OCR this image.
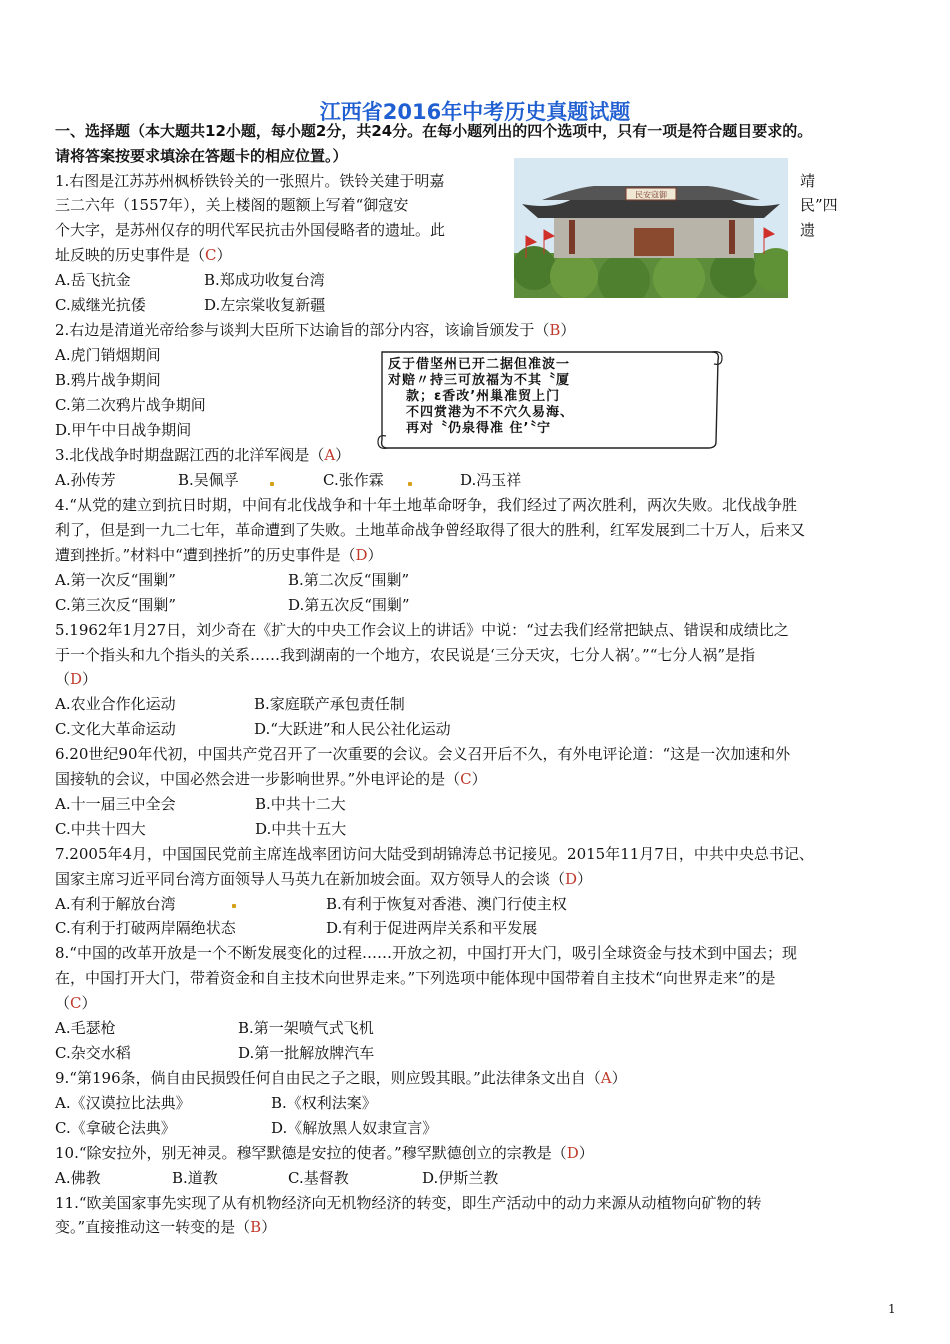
江西省2016年中考历史真题试题
一、选择题（本大题共12小题，每小题2分，共24分。在每小题列出的四个选项中，只有一项是符合题目要求的。
请将答案按要求填涂在答题卡的相应位置。）
民安寇御
1.右图是江苏苏州枫桥铁铃关的一张照片。铁铃关建于明嘉
三二六年（1557年），关上楼阁的题额上写着“御寇安
个大字，是苏州仅存的明代军民抗击外国侵略者的遗址。此
址反映的历史事件是（C）
靖
民”四
遗
A.岳飞抗金	B.郑成功收复台湾
C.威继光抗倭	D.左宗棠收复新疆
2.右边是清道光帝给参与谈判大臣所下达谕旨的部分内容，该谕旨颁发于（B）
A.虎门销烟期间
B.鸦片战争期间
C.第二次鸦片战争期间
D.甲午中日战争期间
反于借坚州已开二据但准波一
对赔〃持三可放福为不其〝厦
款；ε香改’州巢准贸上门
不四赏港为不不穴久易海、
再对〝仍泉得准 住’〝宁
3.北伐战争时期盘踞江西的北洋军阀是（A）
A.孙传芳	B.吴佩孚	C.张作霖	D.冯玉祥
4.“从党的建立到抗日时期，中间有北伐战争和十年土地革命呀争，我们经过了两次胜利，两次失败。北伐战争胜
利了，但是到一九二七年，革命遭到了失败。土地革命战争曾经取得了很大的胜利，红军发展到二十万人，后来又
遭到挫折。”材料中“遭到挫折”的历史事件是（D）
A.第一次反“围剿”	B.第二次反“围剿”
C.第三次反“围剿”	D.第五次反“围剿”
5.1962年1月27日，刘少奇在《扩大的中央工作会议上的讲话》中说：“过去我们经常把缺点、错误和成绩比之
于一个指头和九个指头的关系……我到湖南的一个地方，农民说是‘三分天灾，七分人祸’。”“七分人祸”是指
（D）
A.农业合作化运动	B.家庭联产承包责任制
C.文化大革命运动	D.“大跃进”和人民公社化运动
6.20世纪90年代初，中国共产党召开了一次重要的会议。会义召开后不久，有外电评论道：“这是一次加速和外
国接轨的会议，中国必然会进一步影响世界。”外电评论的是（C）
A.十一届三中全会	B.中共十二大
C.中共十四大	D.中共十五大
7.2005年4月，中国国民党前主席连战率团访问大陆受到胡锦涛总书记接见。2015年11月7日，中共中央总书记、
国家主席习近平同台湾方面领导人马英九在新加坡会面。双方领导人的会谈（D）
A.有利于解放台湾	B.有利于恢复对香港、澳门行使主权
C.有利于打破两岸隔绝状态	D.有利于促进两岸关系和平发展
8.“中国的改革开放是一个不断发展变化的过程……开放之初，中国打开大门，吸引全球资金与技术到中国去；现
在，中国打开大门，带着资金和自主技术向世界走来。”下列选项中能体现中国带着自主技术“向世界走来”的是
（C）
A.毛瑟枪	B.第一架喷气式飞机
C.杂交水稻	D.第一批解放牌汽车
9.“第196条，倘自由民损毁任何自由民之子之眼，则应毁其眼。”此法律条文出自（A）
A.《汉谟拉比法典》	B.《权利法案》
C.《拿破仑法典》	D.《解放黑人奴隶宣言》
10.“除安拉外，别无神灵。穆罕默德是安拉的使者。”穆罕默德创立的宗教是（D）
A.佛教	B.道教	C.基督教	D.伊斯兰教
11.“欧美国家事先实现了从有机物经济向无机物经济的转变，即生产活动中的动力来源从动植物向矿物的转
变。”直接推动这一转变的是（B）
1
